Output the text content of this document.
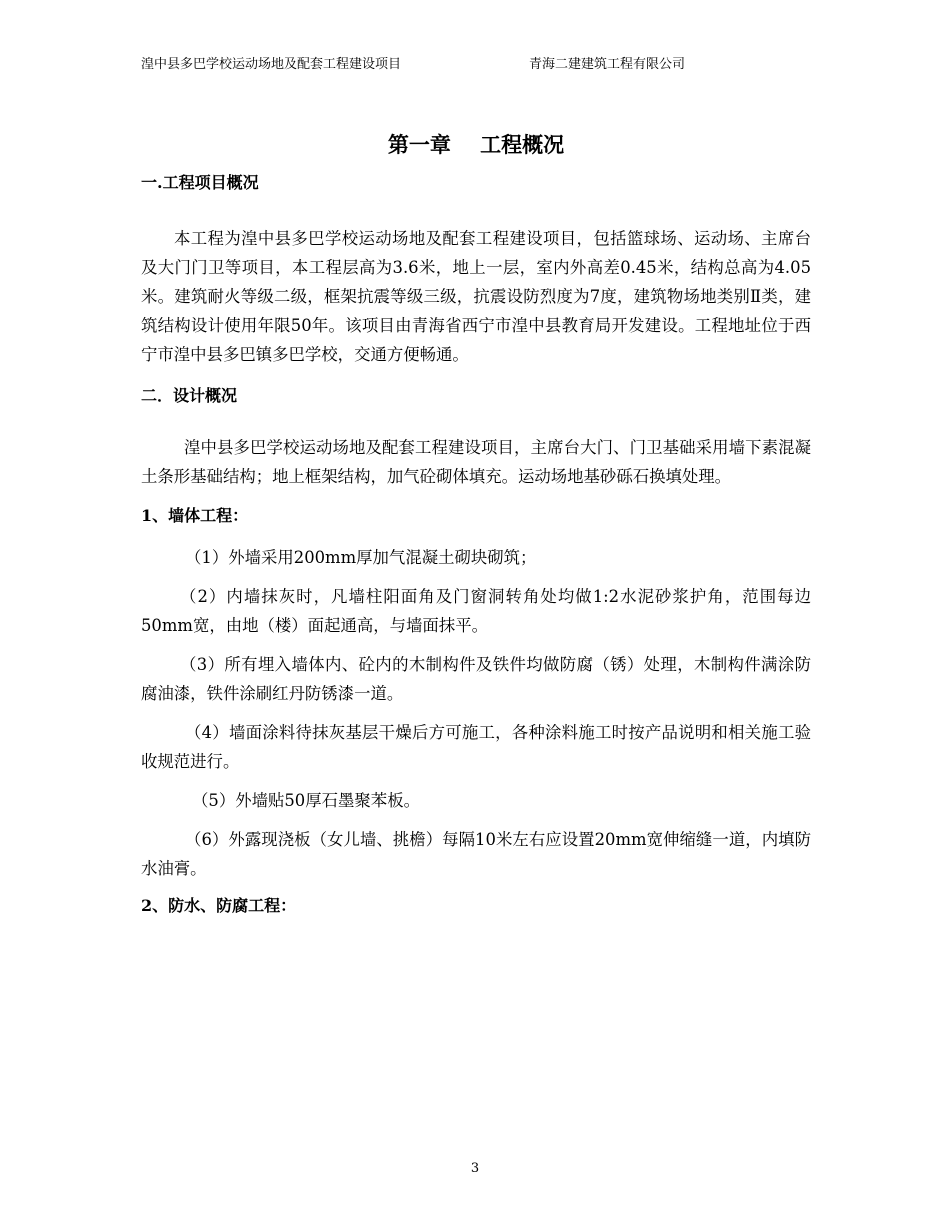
湟中县多巴学校运动场地及配套工程建设项目	青海二建建筑工程有限公司
第一章    工程概况
一.工程项目概况

本工程为湟中县多巴学校运动场地及配套工程建设项目，包括篮球场、运动场、主席台及大门门卫等项目，本工程层高为3.6米，地上一层，室内外高差0.45米，结构总高为4.05米。建筑耐火等级二级，框架抗震等级三级，抗震设防烈度为7度，建筑物场地类别Ⅱ类，建筑结构设计使用年限50年。该项目由青海省西宁市湟中县教育局开发建设。工程地址位于西宁市湟中县多巴镇多巴学校，交通方便畅通。

二．设计概况

湟中县多巴学校运动场地及配套工程建设项目，主席台大门、门卫基础采用墙下素混凝土条形基础结构；地上框架结构，加气砼砌体填充。运动场地基砂砾石换填处理。

1、墙体工程：

（1）外墙采用200mm厚加气混凝土砌块砌筑；

（2）内墙抹灰时，凡墙柱阳面角及门窗洞转角处均做1:2水泥砂浆护角，范围每边50mm宽，由地（楼）面起通高，与墙面抹平。

（3）所有埋入墙体内、砼内的木制构件及铁件均做防腐（锈）处理，木制构件满涂防腐油漆，铁件涂刷红丹防锈漆一道。

（4）墙面涂料待抹灰基层干燥后方可施工，各种涂料施工时按产品说明和相关施工验收规范进行。

（5）外墙贴50厚石墨聚苯板。

（6）外露现浇板（女儿墙、挑檐）每隔10米左右应设置20mm宽伸缩缝一道，内填防水油膏。

2、防水、防腐工程：
3
